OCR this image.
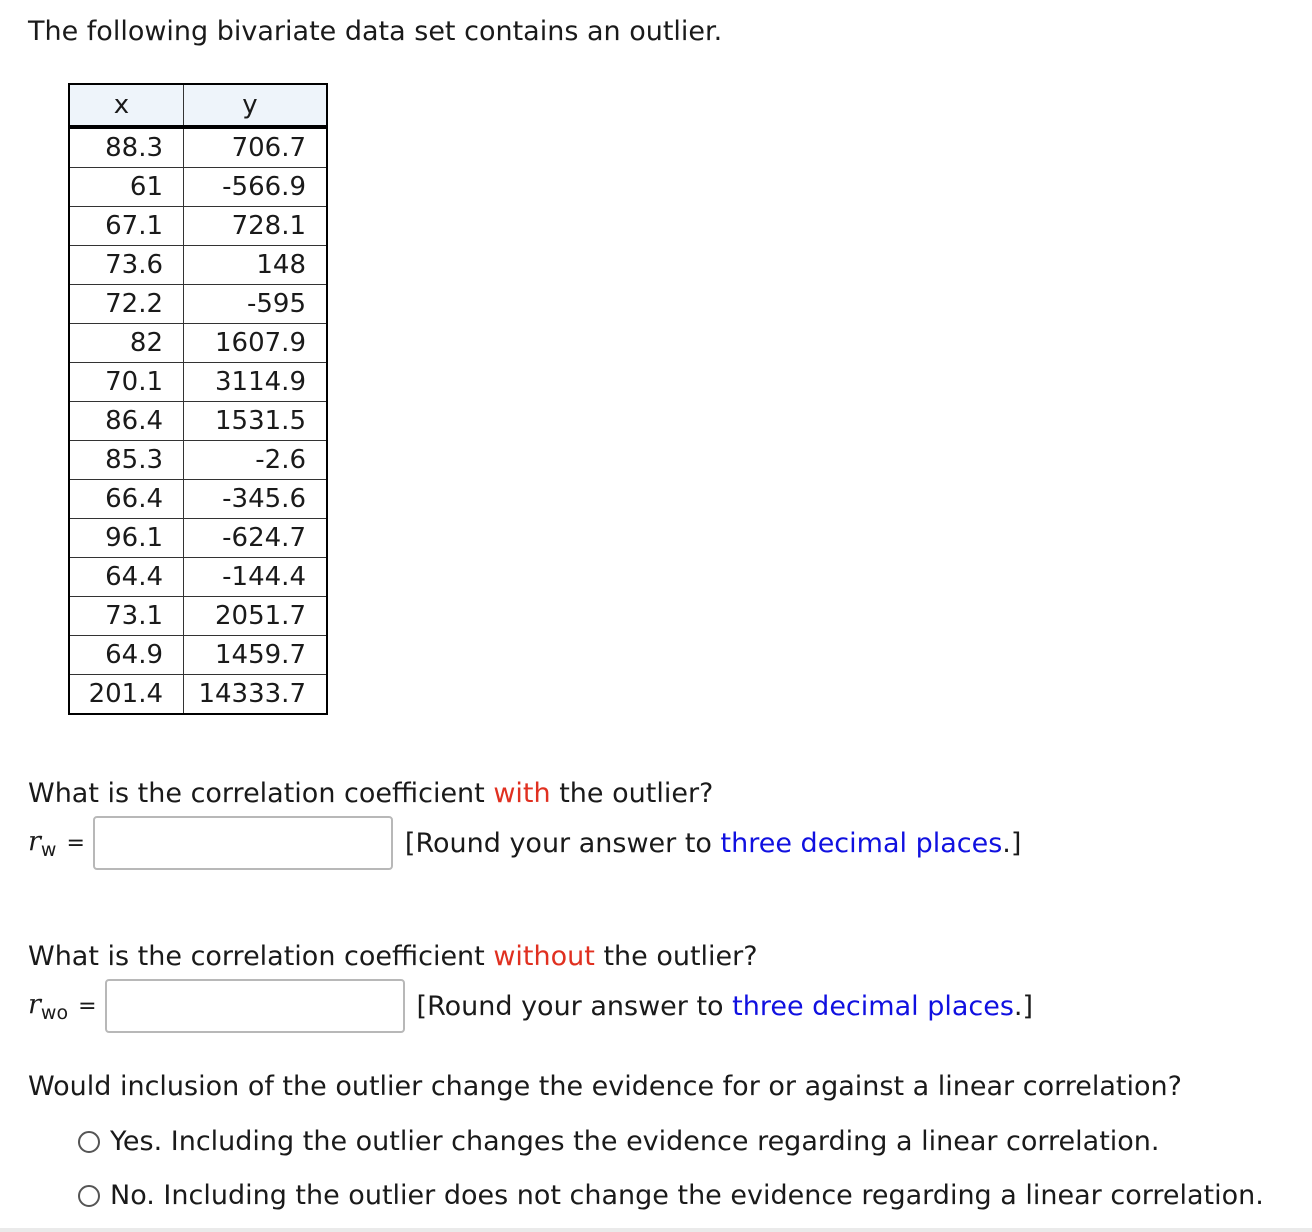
The following bivariate data set contains an outlier.
x	y
88.3	706.7
61	-566.9
67.1	728.1
73.6	148
72.2	-595
82	1607.9
70.1	3114.9
86.4	1531.5
85.3	-2.6
66.4	-345.6
96.1	-624.7
64.4	-144.4
73.1	2051.7
64.9	1459.7
201.4	14333.7
What is the correlation coefficient with the outlier?
$r_w$ =	[Round your answer to three decimal places.]
What is the correlation coefficient without the outlier?
$r_{wo}$ =	[Round your answer to three decimal places.]
Would inclusion of the outlier change the evidence for or against a linear correlation?
Yes. Including the outlier changes the evidence regarding a linear correlation.
No. Including the outlier does not change the evidence regarding a linear correlation.
